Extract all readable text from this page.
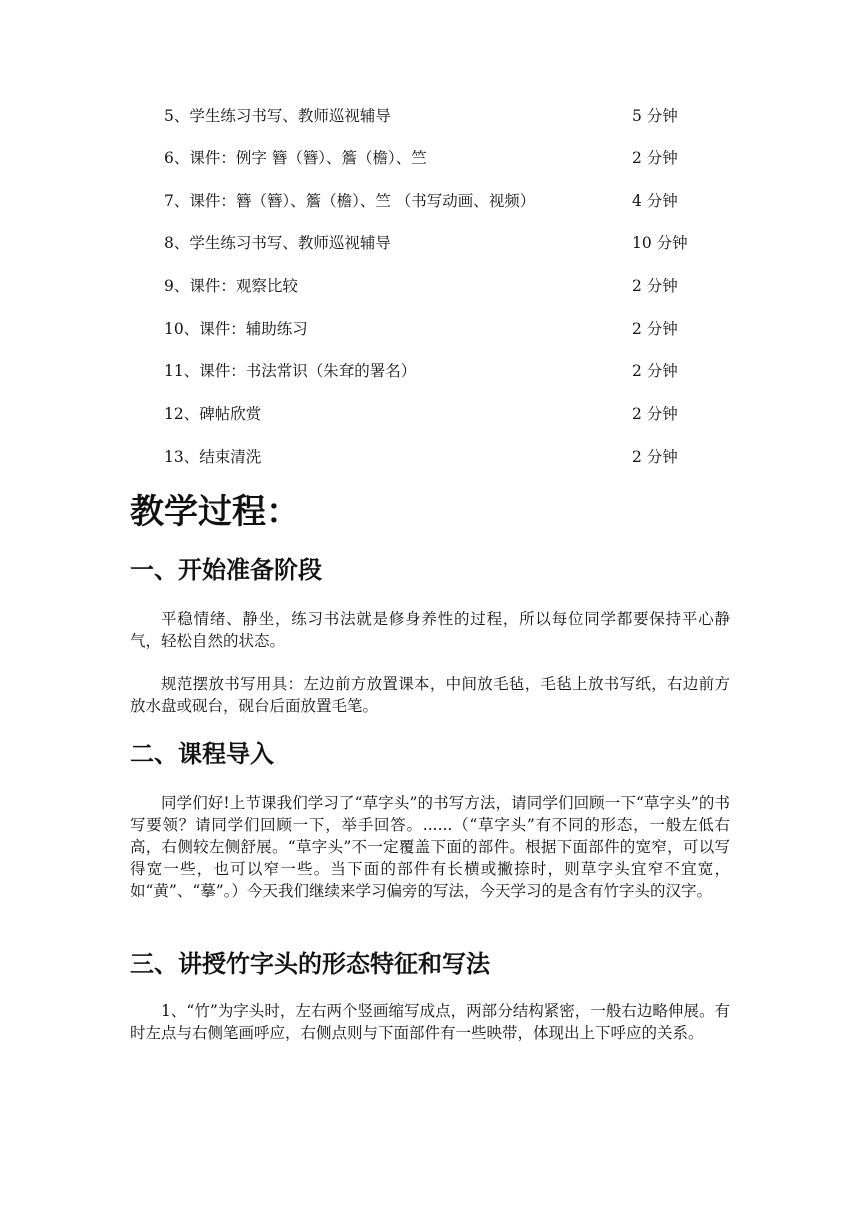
5、学生练习书写、教师巡视辅导	5 分钟
6、课件：例字 簪（簪）、簷（檐）、竺	2 分钟
7、课件：簪（簪）、簷（檐）、竺 （书写动画、视频）	4 分钟
8、学生练习书写、教师巡视辅导	10 分钟
9、课件：观察比较	2 分钟
10、课件：辅助练习	2 分钟
11、课件：书法常识（朱耷的署名）	2 分钟
12、碑帖欣赏	2 分钟
13、结束清洗	2 分钟
教学过程：
一、开始准备阶段

平稳情绪、静坐，练习书法就是修身养性的过程，所以每位同学都要保持平心静气，轻松自然的状态。

规范摆放书写用具：左边前方放置课本，中间放毛毡，毛毡上放书写纸，右边前方放水盘或砚台，砚台后面放置毛笔。

二、课程导入

同学们好!上节课我们学习了“草字头”的书写方法，请同学们回顾一下“草字头”的书写要领？请同学们回顾一下，举手回答。......（“草字头”有不同的形态，一般左低右高，右侧较左侧舒展。“草字头”不一定覆盖下面的部件。根据下面部件的宽窄，可以写得宽一些，也可以窄一些。当下面的部件有长横或撇捺时，则草字头宜窄不宜宽，如“黄”、“摹”。）今天我们继续来学习偏旁的写法，今天学习的是含有竹字头的汉字。

三、讲授竹字头的形态特征和写法

1、“竹”为字头时，左右两个竖画缩写成点，两部分结构紧密，一般右边略伸展。有时左点与右侧笔画呼应，右侧点则与下面部件有一些映带，体现出上下呼应的关系。
